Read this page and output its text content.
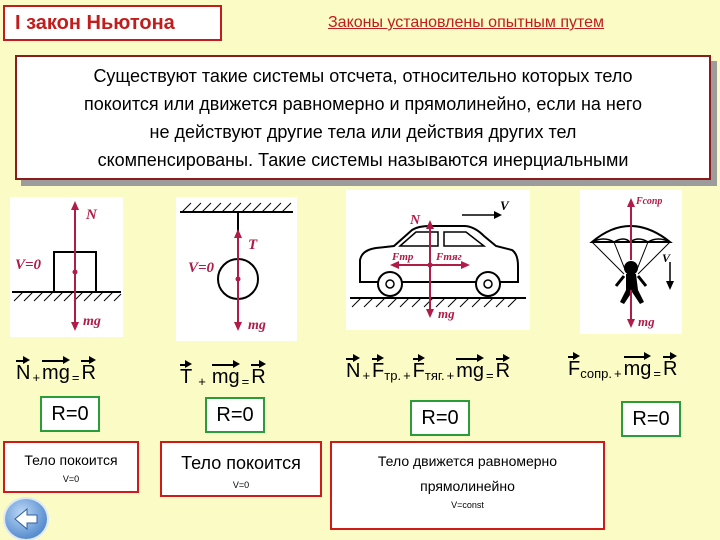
I закон Ньютона	Законы установлены опытным путем
Существуют такие системы отсчета, относительно которых тело
покоится или движется равномерно и прямолинейно, если на него
не действуют другие тела или действия других тел
скомпенсированы. Такие системы называются инерциальными
N
V=0
mg
T
V=0
mg
N
V
Fтр Fтяг
mg
Fсопр
V
mg
N + mg = R	T + mg = R	N + F тр. + F тяг. + mg = R	F сопр. + mg = R
R=0	R=0	R=0	R=0
Тело покоится
V=0
Тело покоится
V=0
Тело движется равномерно
прямолинейно
V=const
